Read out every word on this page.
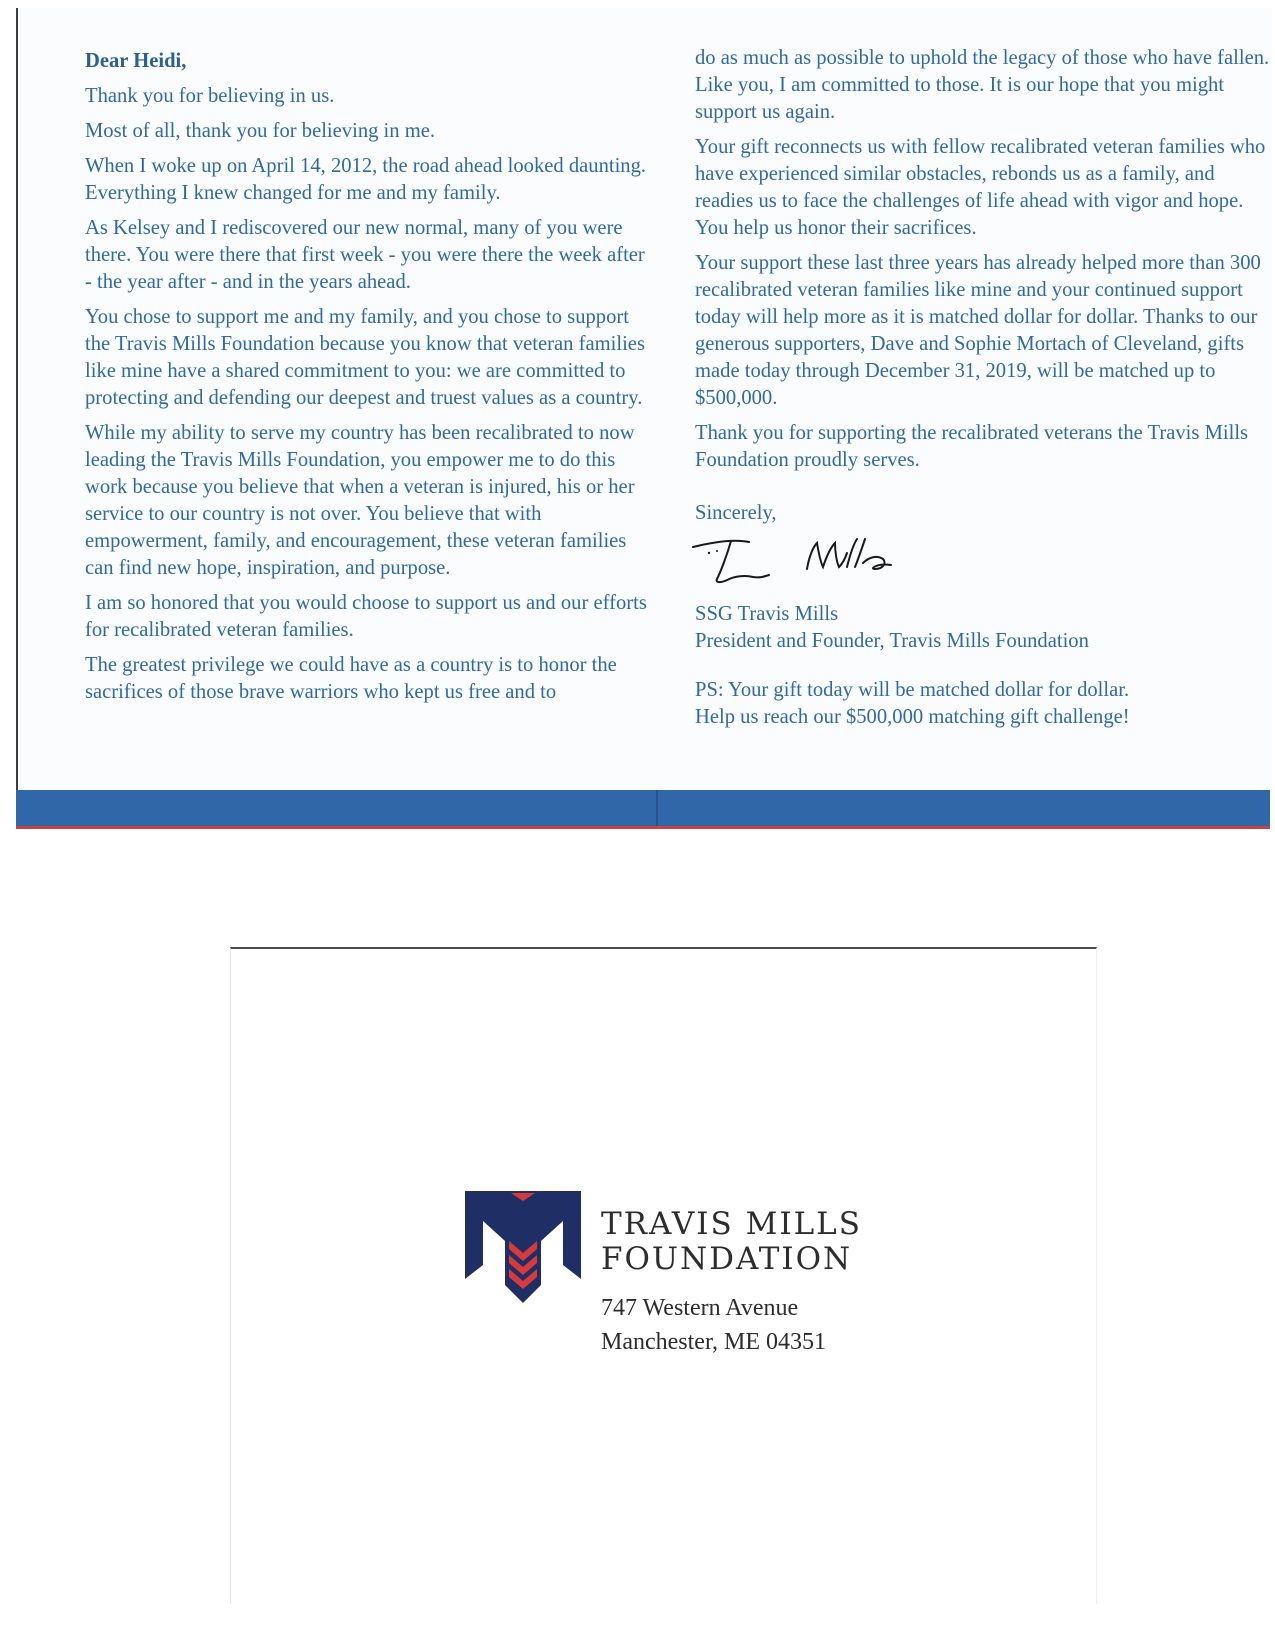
Dear Heidi,

Thank you for believing in us.

Most of all, thank you for believing in me.

When I woke up on April 14, 2012, the road ahead looked daunting. Everything I knew changed for me and my family.

As Kelsey and I rediscovered our new normal, many of you were there. You were there that first week - you were there the week after - the year after - and in the years ahead.

You chose to support me and my family, and you chose to support the Travis Mills Foundation because you know that veteran families like mine have a shared commitment to you: we are committed to protecting and defending our deepest and truest values as a country.

While my ability to serve my country has been recalibrated to now leading the Travis Mills Foundation, you empower me to do this work because you believe that when a veteran is injured, his or her service to our country is not over. You believe that with empowerment, family, and encouragement, these veteran families can find new hope, inspiration, and purpose.

I am so honored that you would choose to support us and our efforts for recalibrated veteran families.

The greatest privilege we could have as a country is to honor the sacrifices of those brave warriors who kept us free and to

do as much as possible to uphold the legacy of those who have fallen. Like you, I am committed to those. It is our hope that you might support us again.

Your gift reconnects us with fellow recalibrated veteran families who have experienced similar obstacles, rebonds us as a family, and readies us to face the challenges of life ahead with vigor and hope. You help us honor their sacrifices.

Your support these last three years has already helped more than 300 recalibrated veteran families like mine and your continued support today will help more as it is matched dollar for dollar. Thanks to our generous supporters, Dave and Sophie Mortach of Cleveland, gifts made today through December 31, 2019, will be matched up to $500,000.

Thank you for supporting the recalibrated veterans the Travis Mills Foundation proudly serves.

Sincerely,
SSG Travis Mills
President and Founder, Travis Mills Foundation
PS: Your gift today will be matched dollar for dollar.
Help us reach our $500,000 matching gift challenge!
TRAVIS MILLS
FOUNDATION
747 Western Avenue
Manchester, ME 04351
